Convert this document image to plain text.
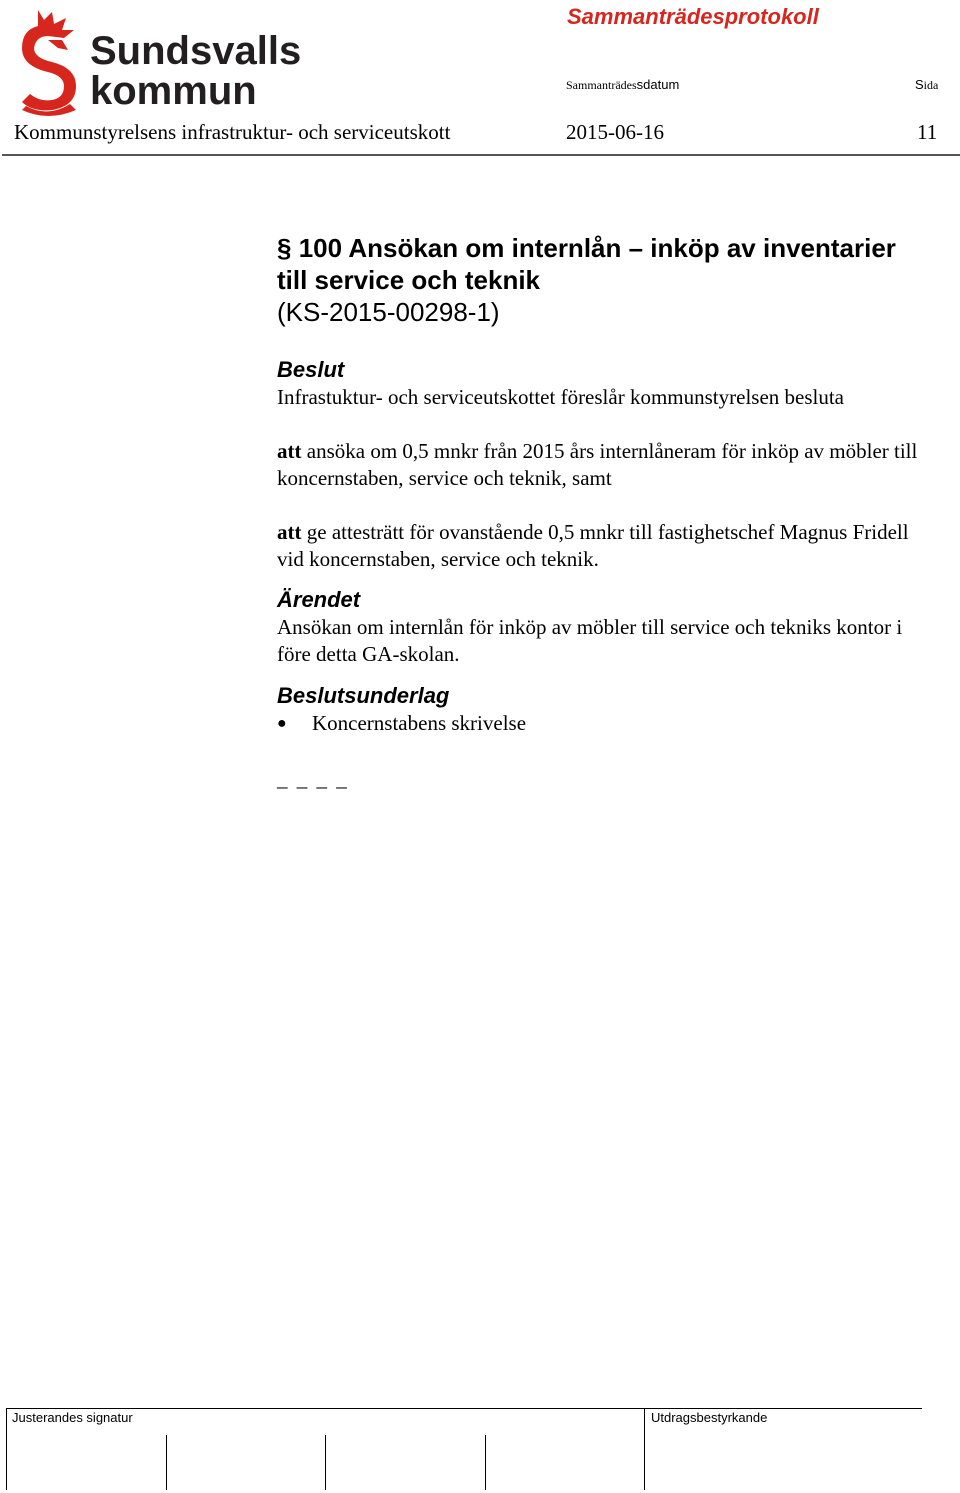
Sundsvalls
kommun
Sammanträdesprotokoll
Sammanträdessdatum	Sida
Kommunstyrelsens infrastruktur- och serviceutskott	2015-06-16	11
§ 100 Ansökan om internlån – inköp av inventarier till service och teknik

(KS-2015-00298-1)

Beslut

Infrastuktur- och serviceutskottet föreslår kommunstyrelsen besluta

att ansöka om 0,5 mnkr från 2015 års internlåneram för inköp av möbler till koncernstaben, service och teknik, samt

att ge attesträtt för ovanstående 0,5 mnkr till fastighetschef Magnus Fridell vid koncernstaben, service och teknik.

Ärendet

Ansökan om internlån för inköp av möbler till service och tekniks kontor i före detta GA-skolan.

Beslutsunderlag
●	Koncernstabens skrivelse
_ _ _ _
Justerandes signatur	Utdragsbestyrkande
